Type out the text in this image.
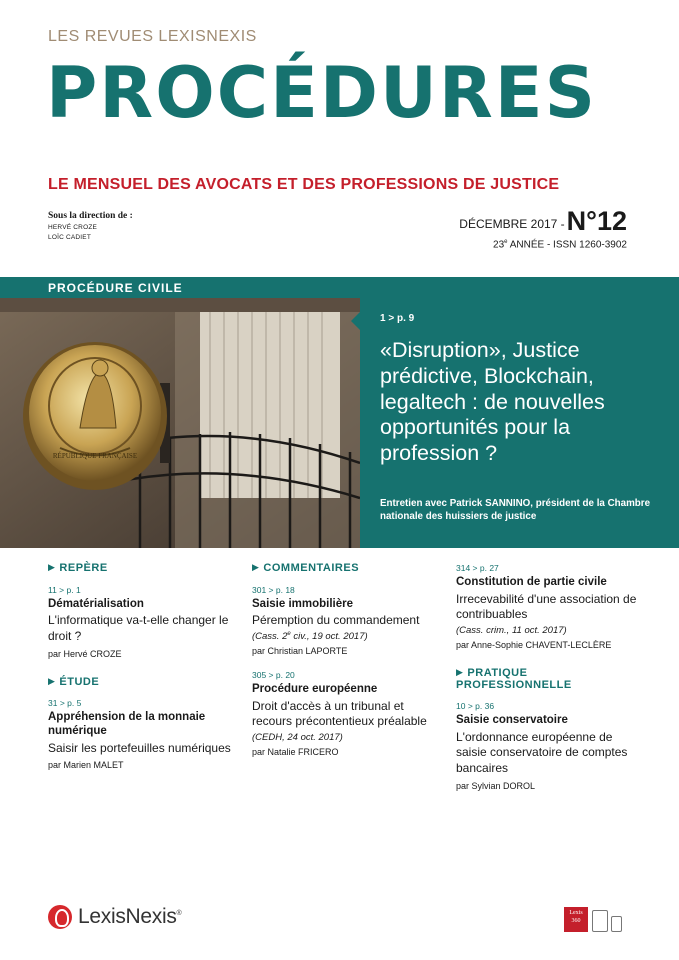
LES REVUES LEXISNEXIS
PROCÉDURES
LE MENSUEL DES AVOCATS ET DES PROFESSIONS DE JUSTICE
Sous la direction de :
HERVÉ CROZE
LOÏC CADIET
DÉCEMBRE 2017 - N°12
23e ANNÉE - ISSN 1260-3902
PROCÉDURE CIVILE
RÉPUBLIQUE FRANÇAISE
1 > p. 9
«Disruption», Justice prédictive, Blockchain, legaltech : de nouvelles opportunités pour la profession ?
Entretien avec Patrick SANNINO, président de la Chambre nationale des huissiers de justice
▶ REPÈRE
11 > p. 1
Dématérialisation
L'informatique va-t-elle changer le droit ?
par Hervé CROZE
▶ ÉTUDE
31 > p. 5
Appréhension de la monnaie numérique
Saisir les portefeuilles numériques
par Marien MALET
▶ COMMENTAIRES
301 > p. 18
Saisie immobilière
Péremption du commandement
(Cass. 2e civ., 19 oct. 2017)
par Christian LAPORTE
305 > p. 20
Procédure européenne
Droit d'accès à un tribunal et recours précontentieux préalable
(CEDH, 24 oct. 2017)
par Natalie FRICERO
314 > p. 27
Constitution de partie civile
Irrecevabilité d'une association de contribuables
(Cass. crim., 11 oct. 2017)
par Anne-Sophie CHAVENT-LECLÈRE
▶ PRATIQUE
PROFESSIONNELLE
10 > p. 36
Saisie conservatoire
L'ordonnance européenne de saisie conservatoire de comptes bancaires
par Sylvian DOROL
LexisNexis®	Lexis
360
